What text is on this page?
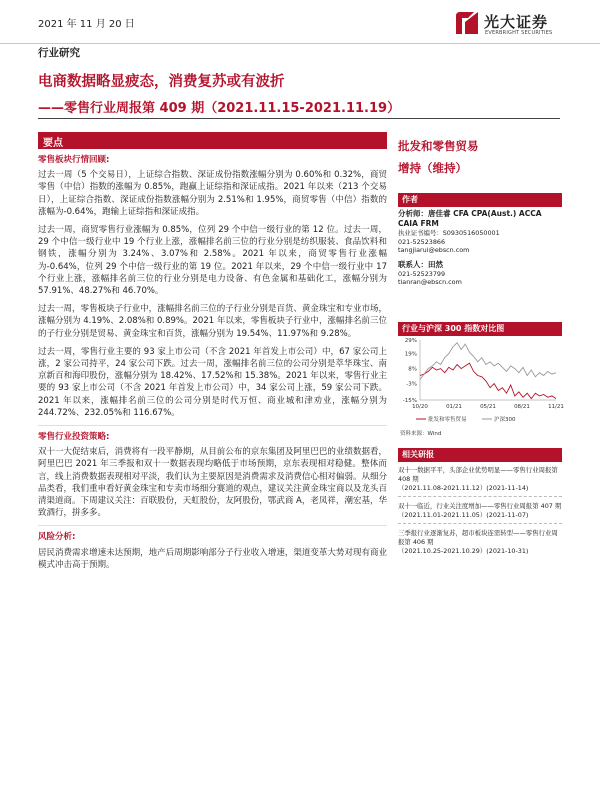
2021 年 11 月 20 日	光大证券
EVERBRIGHT SECURITIES
行业研究
电商数据略显疲态，消费复苏或有波折
——零售行业周报第 409 期（2021.11.15-2021.11.19）
要点
零售板块行情回顾:
过去一周（5 个交易日），上证综合指数、深证成份指数涨幅分别为 0.60%和 0.32%，商贸零售（中信）指数的涨幅为 0.85%，跑赢上证综指和深证成指。2021 年以来（213 个交易日），上证综合指数、深证成份指数涨幅分别为 2.51%和 1.95%，商贸零售（中信）指数的涨幅为-0.64%，跑输上证综指和深证成指。
过去一周，商贸零售行业涨幅为 0.85%，位列 29 个中信一级行业的第 12 位。过去一周，29 个中信一级行业中 19 个行业上涨，涨幅排名前三位的行业分别是纺织服装、食品饮料和钢铁，涨幅分别为 3.24%、3.07%和 2.58%。2021 年以来，商贸零售行业涨幅为-0.64%，位列 29 个中信一级行业的第 19 位。2021 年以来，29 个中信一级行业中 17 个行业上涨，涨幅排名前三位的行业分别是电力设备、有色金属和基础化工，涨幅分别为 57.91%、48.27%和 46.70%。
过去一周，零售板块子行业中，涨幅排名前三位的子行业分别是百货、黄金珠宝和专业市场，涨幅分别为 4.19%、2.08%和 0.89%。2021 年以来，零售板块子行业中，涨幅排名前三位的子行业分别是贸易、黄金珠宝和百货，涨幅分别为 19.54%、11.97%和 9.28%。
过去一周，零售行业主要的 93 家上市公司（不含 2021 年首发上市公司）中，67 家公司上涨，2 家公司持平，24 家公司下跌。过去一周，涨幅排名前三位的公司分别是萃华珠宝、南京新百和海印股份，涨幅分别为 18.42%、17.52%和 15.38%。2021 年以来，零售行业主要的 93 家上市公司（不含 2021 年首发上市公司）中，34 家公司上涨，59 家公司下跌。2021 年以来，涨幅排名前三位的公司分别是时代万恒、商业城和津劝业，涨幅分别为 244.72%、232.05%和 116.67%。
零售行业投资策略:
双十一大促结束后，消费将有一段平静期，从目前公布的京东集团及阿里巴巴的业绩数据看，阿里巴巴 2021 年三季报和双十一数据表现均略低于市场预期，京东表现相对稳健。整体而言，线上消费数据表现相对平淡，我们认为主要原因是消费需求及消费信心相对偏弱。从细分品类看，我们重申看好黄金珠宝和专卖市场细分赛道的观点，建议关注黄金珠宝商以及龙头百清渠道商。下周建议关注：百联股份，天虹股份，友阿股份，鄂武商 A，老凤祥，潮宏基，华致酒行，拼多多。
风险分析:
居民消费需求增速未达预期，地产后周期影响部分子行业收入增速，渠道变革大势对现有商业模式冲击高于预期。
批发和零售贸易
增持（维持）
作者
分析师：唐佳睿 CFA CPA(Aust.) ACCA CAIA FRM
执业证书编号：S0930516050001
021-52523866
tangjiarui@ebscn.com
联系人：田然
021-52523799
tianran@ebscn.com
行业与沪深 300 指数对比图
29%
19%
8%
-3%
-15%
10/20	01/21	05/21	08/21	11/21
批发和零售贸易	沪深300
资料来源：Wind
相关研报
双十一数据平平，头部企业优势明显——零售行业周报第 408 期
（2021.11.08-2021.11.12）(2021-11-14)
双十一临近，行业关注度增加——零售行业周报第 407 期
（2021.11.01-2021.11.05）(2021-11-07)
三季报行业逐渐复苏，超市板块连需转型——零售行业周报第 406 期
（2021.10.25-2021.10.29）(2021-10-31)
